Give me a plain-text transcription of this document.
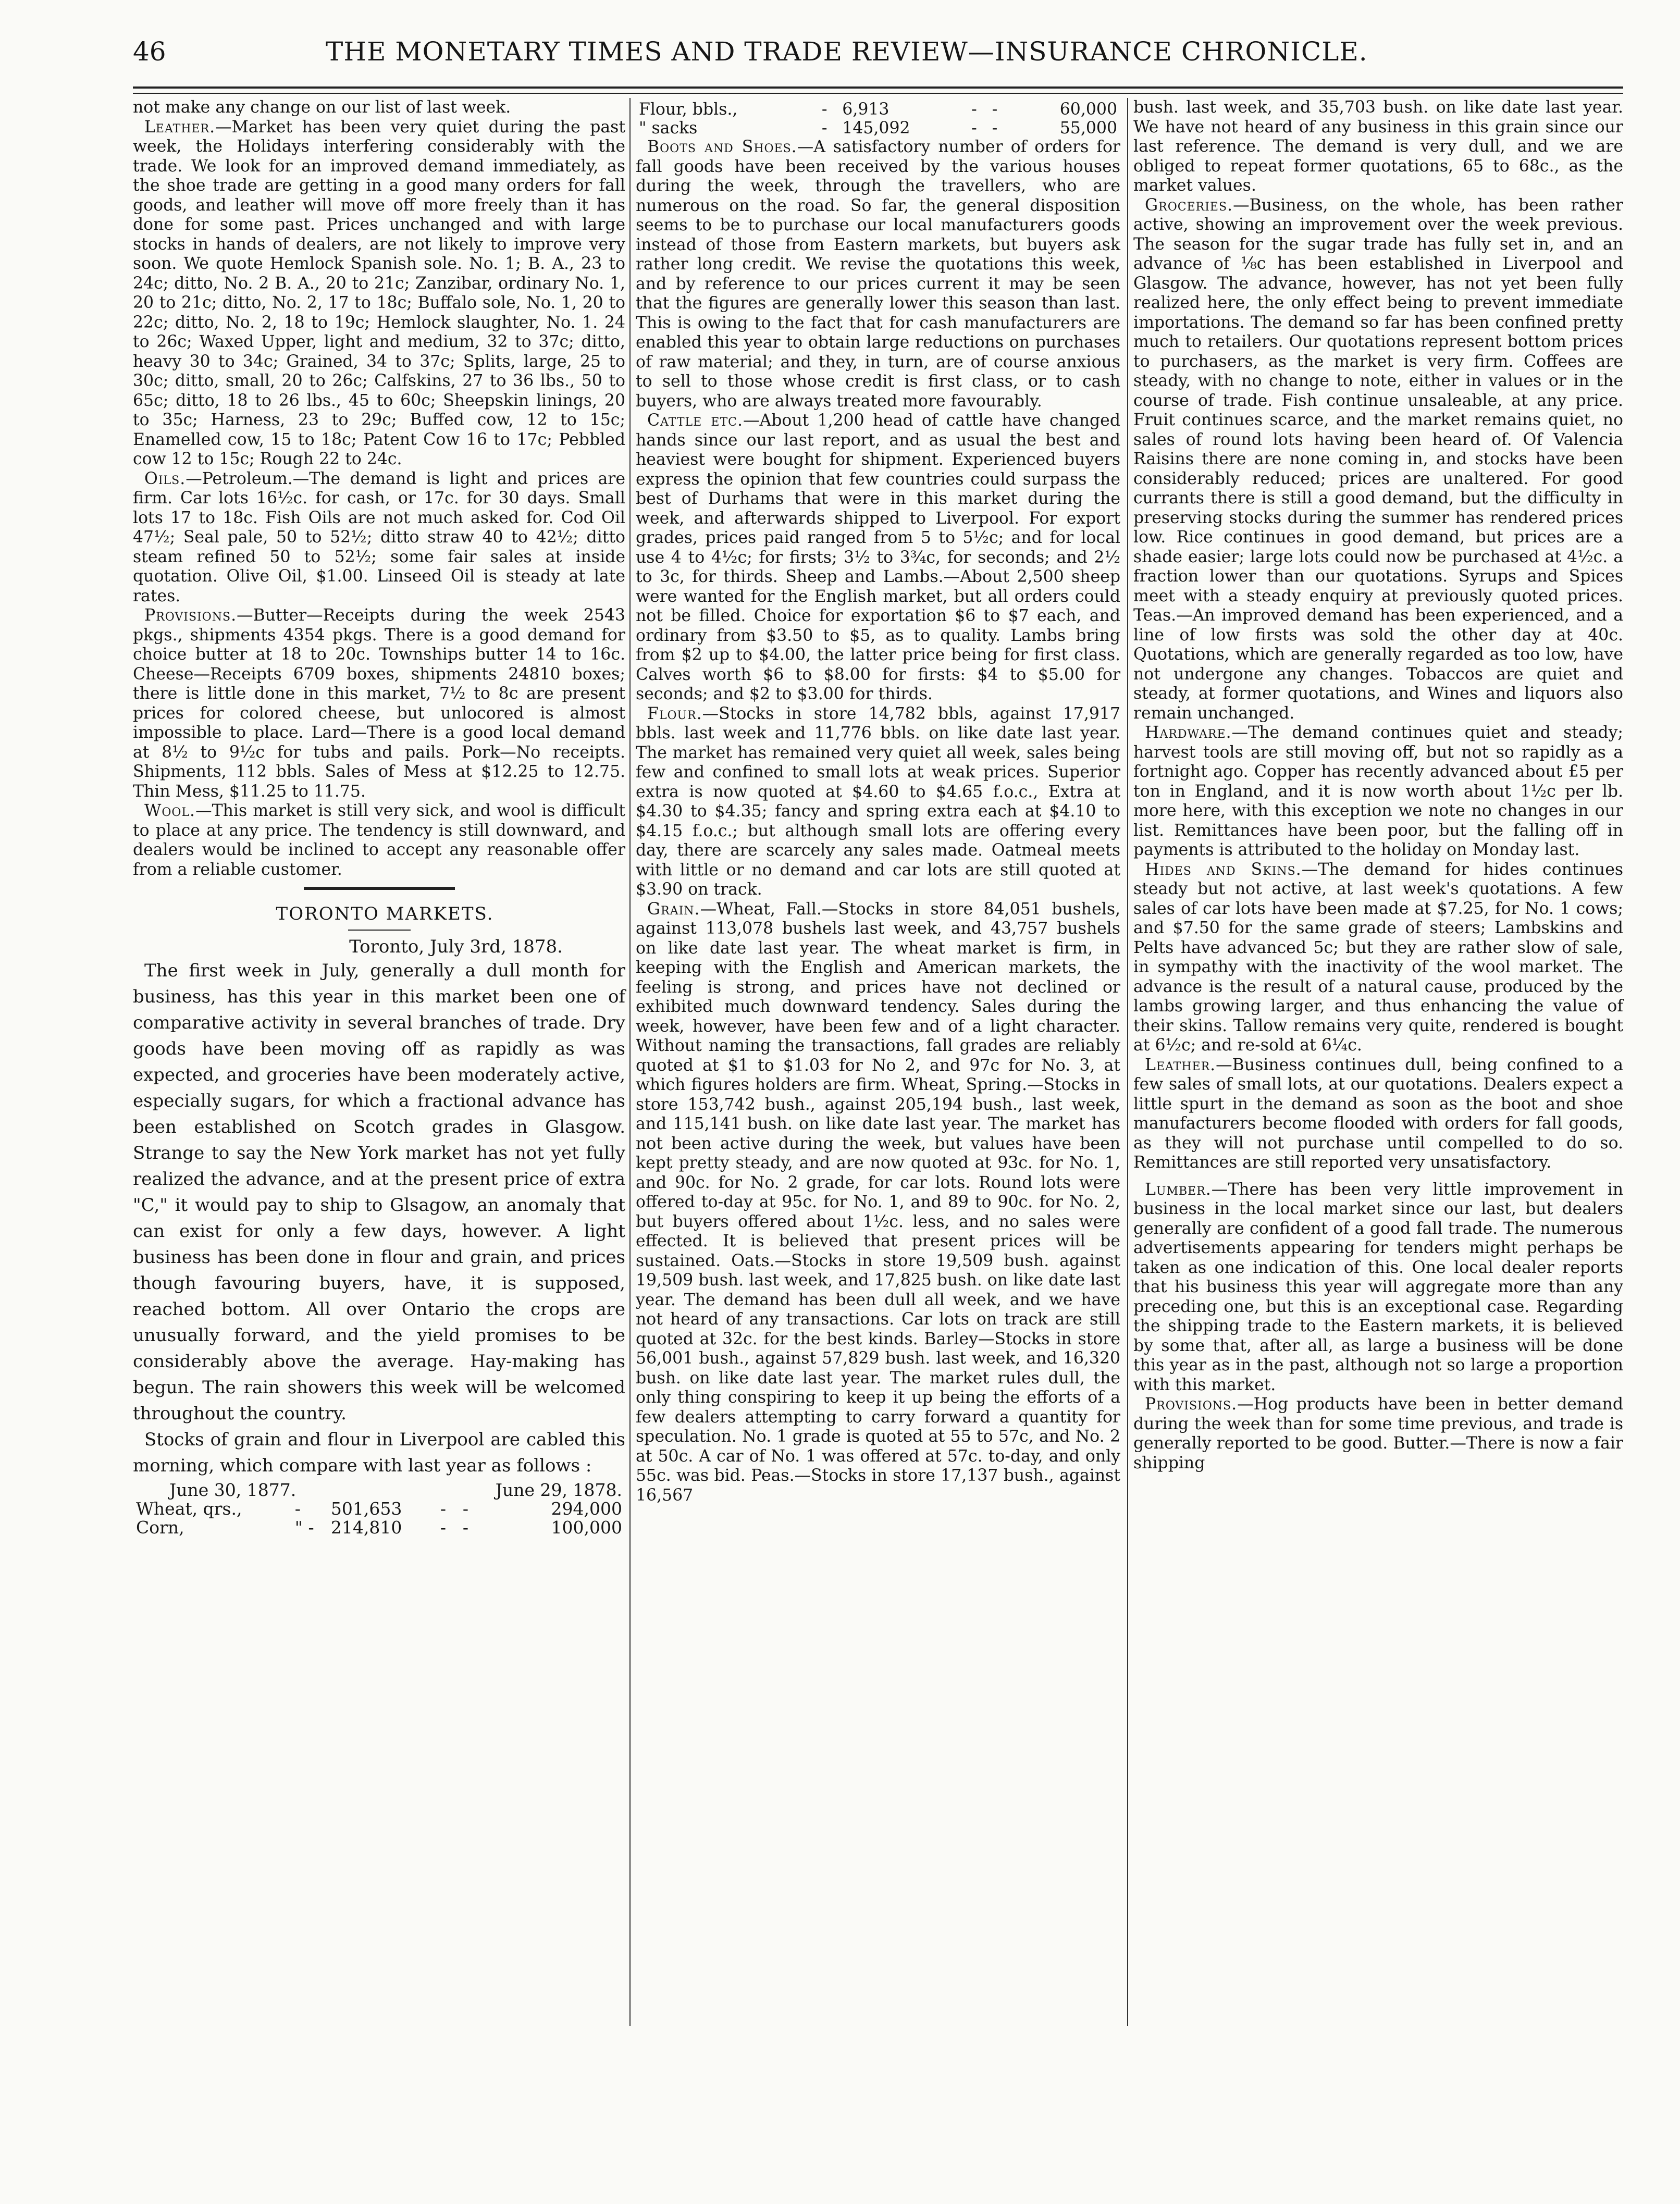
46	THE MONETARY TIMES AND TRADE REVIEW—INSURANCE CHRONICLE.

not make any change on our list of last week.

Leather.—Market has been very quiet during the past week, the Holidays interfering considerably with the trade. We look for an improved demand immediately, as the shoe trade are getting in a good many orders for fall goods, and leather will move off more freely than it has done for some past. Prices unchanged and with large stocks in hands of dealers, are not likely to improve very soon. We quote Hemlock Spanish sole. No. 1; B. A., 23 to 24c; ditto, No. 2 B. A., 20 to 21c; Zanzibar, ordinary No. 1, 20 to 21c; ditto, No. 2, 17 to 18c; Buffalo sole, No. 1, 20 to 22c; ditto, No. 2, 18 to 19c; Hemlock slaughter, No. 1. 24 to 26c; Waxed Upper, light and medium, 32 to 37c; ditto, heavy 30 to 34c; Grained, 34 to 37c; Splits, large, 25 to 30c; ditto, small, 20 to 26c; Calfskins, 27 to 36 lbs., 50 to 65c; ditto, 18 to 26 lbs., 45 to 60c; Sheepskin linings, 20 to 35c; Harness, 23 to 29c; Buffed cow, 12 to 15c; Enamelled cow, 15 to 18c; Patent Cow 16 to 17c; Pebbled cow 12 to 15c; Rough 22 to 24c.

Oils.—Petroleum.—The demand is light and prices are firm. Car lots 16½c. for cash, or 17c. for 30 days. Small lots 17 to 18c. Fish Oils are not much asked for. Cod Oil 47½; Seal pale, 50 to 52½; ditto straw 40 to 42½; ditto steam refined 50 to 52½; some fair sales at inside quotation. Olive Oil, $1.00. Linseed Oil is steady at late rates.

Provisions.—Butter—Receipts during the week 2543 pkgs., shipments 4354 pkgs. There is a good demand for choice butter at 18 to 20c. Townships butter 14 to 16c. Cheese—Receipts 6709 boxes, shipments 24810 boxes; there is little done in this market, 7½ to 8c are present prices for colored cheese, but unlocored is almost impossible to place. Lard—There is a good local demand at 8½ to 9½c for tubs and pails. Pork—No receipts. Shipments, 112 bbls. Sales of Mess at $12.25 to 12.75. Thin Mess, $11.25 to 11.75.

Wool.—This market is still very sick, and wool is difficult to place at any price. The tendency is still downward, and dealers would be inclined to accept any reasonable offer from a reliable customer.

TORONTO MARKETS.

Toronto, July 3rd, 1878.

The first week in July, generally a dull month for business, has this year in this market been one of comparative activity in several branches of trade. Dry goods have been moving off as rapidly as was expected, and groceries have been moderately active, especially sugars, for which a fractional advance has been established on Scotch grades in Glasgow. Strange to say the New York market has not yet fully realized the advance, and at the present price of extra "C," it would pay to ship to Glsagow, an anomaly that can exist for only a few days, however. A light business has been done in flour and grain, and prices though favouring buyers, have, it is supposed, reached bottom. All over Ontario the crops are unusually forward, and the yield promises to be considerably above the average. Hay-making has begun. The rain showers this week will be welcomed throughout the country.

Stocks of grain and flour in Liverpool are cabled this morning, which compare with last year as follows :

June 30, 1877.			June 29, 1878.		
Wheat, qrs.,	-	501,653	-	-	294,000
Corn,	" -	214,810	-	-	100,000
Flour, bbls.,	-	6,913	-	-	60,000
" sacks	-	145,092	-	-	55,000

Boots and Shoes.—A satisfactory number of orders for fall goods have been received by the various houses during the week, through the travellers, who are numerous on the road. So far, the general disposition seems to be to purchase our local manufacturers goods instead of those from Eastern markets, but buyers ask rather long credit. We revise the quotations this week, and by reference to our prices current it may be seen that the figures are generally lower this season than last. This is owing to the fact that for cash manufacturers are enabled this year to obtain large reductions on purchases of raw material; and they, in turn, are of course anxious to sell to those whose credit is first class, or to cash buyers, who are always treated more favourably.

Cattle etc.—About 1,200 head of cattle have changed hands since our last report, and as usual the best and heaviest were bought for shipment. Experienced buyers express the opinion that few countries could surpass the best of Durhams that were in this market during the week, and afterwards shipped to Liverpool. For export grades, prices paid ranged from 5 to 5½c; and for local use 4 to 4½c; for firsts; 3½ to 3¾c, for seconds; and 2½ to 3c, for thirds. Sheep and Lambs.—About 2,500 sheep were wanted for the English market, but all orders could not be filled. Choice for exportation $6 to $7 each, and ordinary from $3.50 to $5, as to quality. Lambs bring from $2 up to $4.00, the latter price being for first class. Calves worth $6 to $8.00 for firsts: $4 to $5.00 for seconds; and $2 to $3.00 for thirds.

Flour.—Stocks in store 14,782 bbls, against 17,917 bbls. last week and 11,776 bbls. on like date last year. The market has remained very quiet all week, sales being few and confined to small lots at weak prices. Superior extra is now quoted at $4.60 to $4.65 f.o.c., Extra at $4.30 to $4.35; fancy and spring extra each at $4.10 to $4.15 f.o.c.; but although small lots are offering every day, there are scarcely any sales made. Oatmeal meets with little or no demand and car lots are still quoted at $3.90 on track.

Grain.—Wheat, Fall.—Stocks in store 84,051 bushels, against 113,078 bushels last week, and 43,757 bushels on like date last year. The wheat market is firm, in keeping with the English and American markets, the feeling is strong, and prices have not declined or exhibited much downward tendency. Sales during the week, however, have been few and of a light character. Without naming the transactions, fall grades are reliably quoted at $1 to $1.03 for No 2, and 97c for No. 3, at which figures holders are firm. Wheat, Spring.—Stocks in store 153,742 bush., against 205,194 bush., last week, and 115,141 bush. on like date last year. The market has not been active during the week, but values have been kept pretty steady, and are now quoted at 93c. for No. 1, and 90c. for No. 2 grade, for car lots. Round lots were offered to-day at 95c. for No. 1, and 89 to 90c. for No. 2, but buyers offered about 1½c. less, and no sales were effected. It is believed that present prices will be sustained. Oats.—Stocks in store 19,509 bush. against 19,509 bush. last week, and 17,825 bush. on like date last year. The demand has been dull all week, and we have not heard of any transactions. Car lots on track are still quoted at 32c. for the best kinds. Barley—Stocks in store 56,001 bush., against 57,829 bush. last week, and 16,320 bush. on like date last year. The market rules dull, the only thing conspiring to keep it up being the efforts of a few dealers attempting to carry forward a quantity for speculation. No. 1 grade is quoted at 55 to 57c, and No. 2 at 50c. A car of No. 1 was offered at 57c. to-day, and only 55c. was bid. Peas.—Stocks in store 17,137 bush., against 16,567

bush. last week, and 35,703 bush. on like date last year. We have not heard of any business in this grain since our last reference. The demand is very dull, and we are obliged to repeat former quotations, 65 to 68c., as the market values.

Groceries.—Business, on the whole, has been rather active, showing an improvement over the week previous. The season for the sugar trade has fully set in, and an advance of ⅛c has been established in Liverpool and Glasgow. The advance, however, has not yet been fully realized here, the only effect being to prevent immediate importations. The demand so far has been confined pretty much to retailers. Our quotations represent bottom prices to purchasers, as the market is very firm. Coffees are steady, with no change to note, either in values or in the course of trade. Fish continue unsaleable, at any price. Fruit continues scarce, and the market remains quiet, no sales of round lots having been heard of. Of Valencia Raisins there are none coming in, and stocks have been considerably reduced; prices are unaltered. For good currants there is still a good demand, but the difficulty in preserving stocks during the summer has rendered prices low. Rice continues in good demand, but prices are a shade easier; large lots could now be purchased at 4½c. a fraction lower than our quotations. Syrups and Spices meet with a steady enquiry at previously quoted prices. Teas.—An improved demand has been experienced, and a line of low firsts was sold the other day at 40c. Quotations, which are generally regarded as too low, have not undergone any changes. Tobaccos are quiet and steady, at former quotations, and Wines and liquors also remain unchanged.

Hardware.—The demand continues quiet and steady; harvest tools are still moving off, but not so rapidly as a fortnight ago. Copper has recently advanced about £5 per ton in England, and it is now worth about 1½c per lb. more here, with this exception we note no changes in our list. Remittances have been poor, but the falling off in payments is attributed to the holiday on Monday last.

Hides and Skins.—The demand for hides continues steady but not active, at last week's quotations. A few sales of car lots have been made at $7.25, for No. 1 cows; and $7.50 for the same grade of steers; Lambskins and Pelts have advanced 5c; but they are rather slow of sale, in sympathy with the inactivity of the wool market. The advance is the result of a natural cause, produced by the lambs growing larger, and thus enhancing the value of their skins. Tallow remains very quite, rendered is bought at 6½c; and re-sold at 6¼c.

Leather.—Business continues dull, being confined to a few sales of small lots, at our quotations. Dealers expect a little spurt in the demand as soon as the boot and shoe manufacturers become flooded with orders for fall goods, as they will not purchase until compelled to do so. Remittances are still reported very unsatisfactory.

Lumber.—There has been very little improvement in business in the local market since our last, but dealers generally are confident of a good fall trade. The numerous advertisements appearing for tenders might perhaps be taken as one indication of this. One local dealer reports that his business this year will aggregate more than any preceding one, but this is an exceptional case. Regarding the shipping trade to the Eastern markets, it is believed by some that, after all, as large a business will be done this year as in the past, although not so large a proportion with this market.

Provisions.—Hog products have been in better demand during the week than for some time previous, and trade is generally reported to be good. Butter.—There is now a fair shipping
